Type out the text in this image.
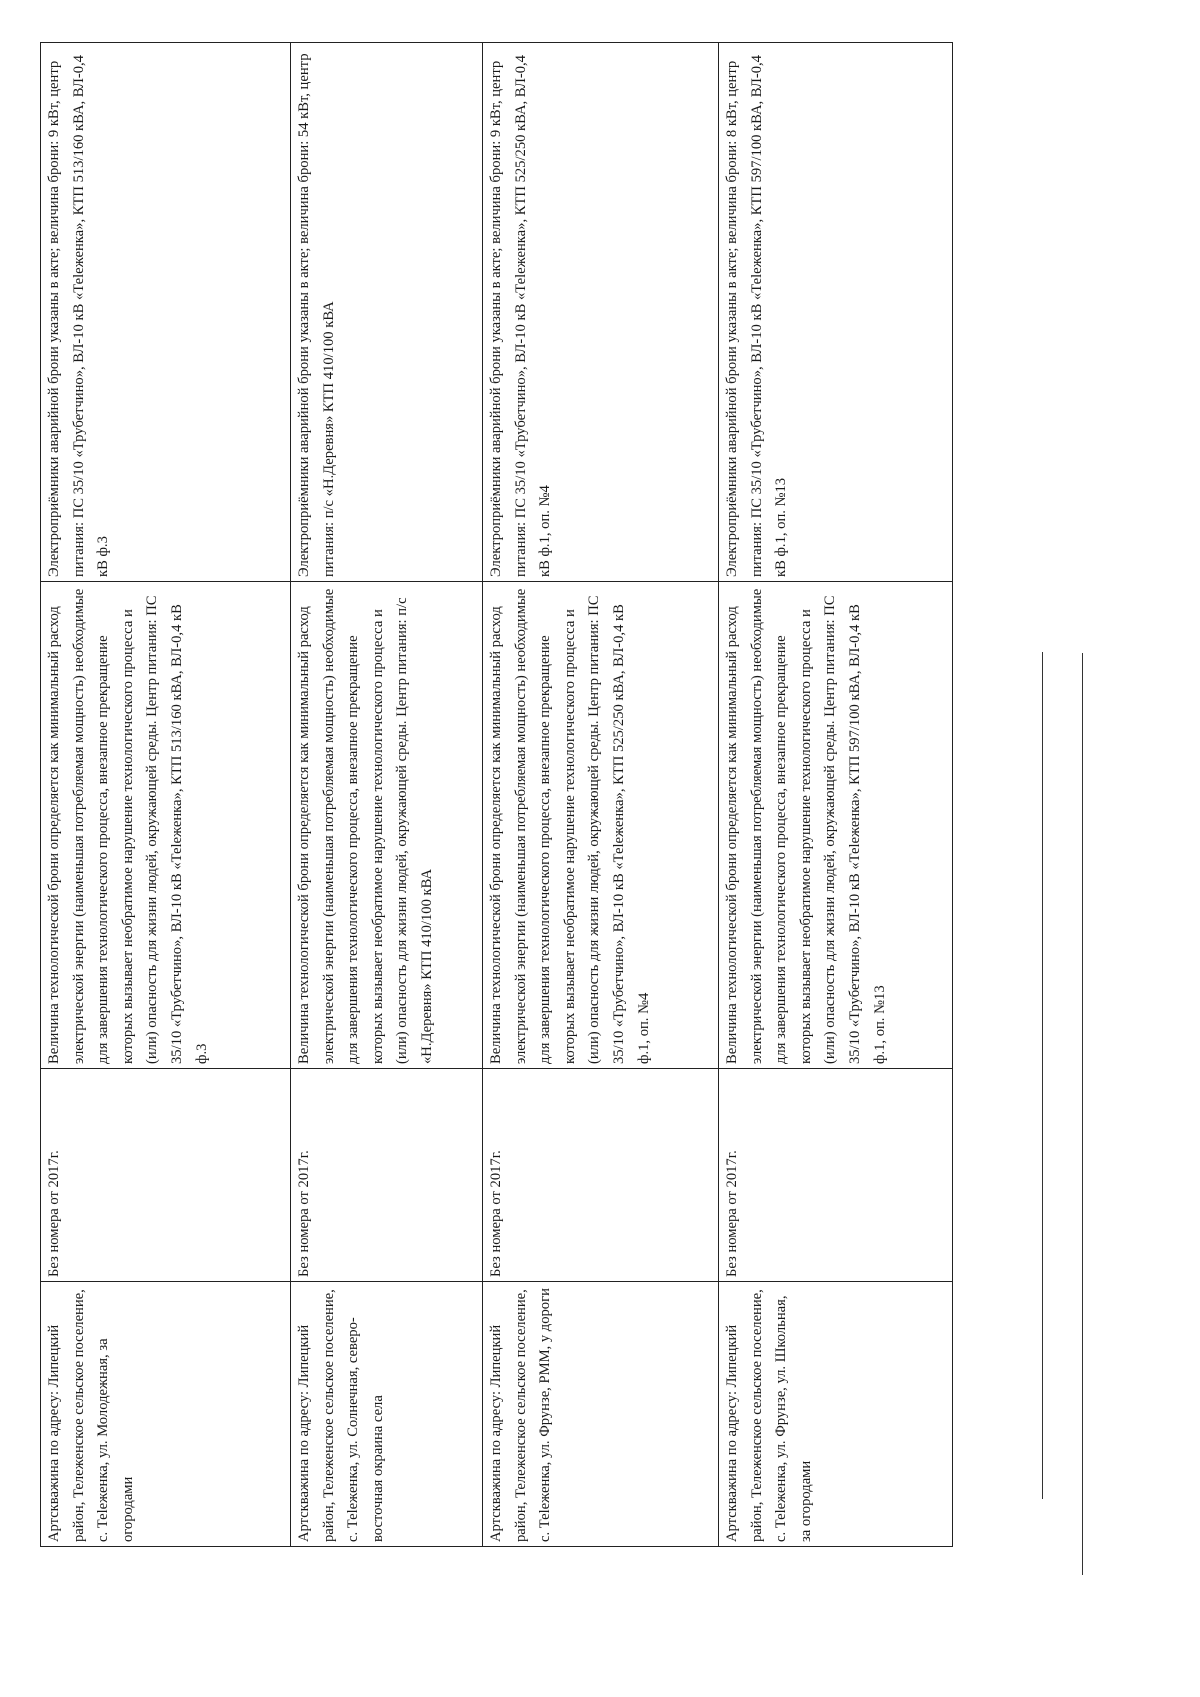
Артскважина по адресу: Липецкий район, Тележенское сельское поселение, с. Теleженка, ул. Молодежная, за огородами	Без номера от 2017г.	Величина технологической брони определяется как минимальный расход электрической энергии (наименьшая потребляемая мощность) необходимые для завершения технологического процесса, внезапное прекращение которых вызывает необратимое нарушение технологического процесса и (или) опасность для жизни людей, окружающей среды. Центр питания: ПС 35/10 «Трубетчино», ВЛ-10 кВ «Теleженка», КТП 513/160 кВА, ВЛ-0,4 кВ ф.3	Электроприёмники аварийной брони указаны в акте; величина брони: 9 кВт, центр питания: ПС 35/10 «Трубетчино», ВЛ-10 кВ «Теleженка», КТП 513/160 кВА, ВЛ-0,4 кВ ф.3
Артскважина по адресу: Липецкий район, Тележенское сельское поселение, с. Теleженка, ул. Солнечная, северо-восточная окраина села	Без номера от 2017г.	Величина технологической брони определяется как минимальный расход электрической энергии (наименьшая потребляемая мощность) необходимые для завершения технологического процесса, внезапное прекращение которых вызывает необратимое нарушение технологического процесса и (или) опасность для жизни людей, окружающей среды. Центр питания: п/с «Н.Деревня» КТП 410/100 кВА	Электроприёмники аварийной брони указаны в акте; величина брони: 54 кВт, центр питания: п/с «Н.Деревня» КТП 410/100 кВА
Артскважина по адресу: Липецкий район, Тележенское сельское поселение, с. Теleженка, ул. Фрунзе, РММ, у дороги	Без номера от 2017г.	Величина технологической брони определяется как минимальный расход электрической энергии (наименьшая потребляемая мощность) необходимые для завершения технологического процесса, внезапное прекращение которых вызывает необратимое нарушение технологического процесса и (или) опасность для жизни людей, окружающей среды. Центр питания: ПС 35/10 «Трубетчино», ВЛ-10 кВ «Теleженка», КТП 525/250 кВА, ВЛ-0,4 кВ ф.1, оп. №4	Электроприёмники аварийной брони указаны в акте; величина брони: 9 кВт, центр питания: ПС 35/10 «Трубетчино», ВЛ-10 кВ «Теleженка», КТП 525/250 кВА, ВЛ-0,4 кВ ф.1, оп. №4
Артскважина по адресу: Липецкий район, Тележенское сельское поселение, с. Теleженка, ул. Фрунзе, ул. Школьная, за огородами	Без номера от 2017г.	Величина технологической брони определяется как минимальный расход электрической энергии (наименьшая потребляемая мощность) необходимые для завершения технологического процесса, внезапное прекращение которых вызывает необратимое нарушение технологического процесса и (или) опасность для жизни людей, окружающей среды. Центр питания: ПС 35/10 «Трубетчино», ВЛ-10 кВ «Теleженка», КТП 597/100 кВА, ВЛ-0,4 кВ ф.1, оп. №13	Электроприёмники аварийной брони указаны в акте; величина брони: 8 кВт, центр питания: ПС 35/10 «Трубетчино», ВЛ-10 кВ «Теleженка», КТП 597/100 кВА, ВЛ-0,4 кВ ф.1, оп. №13
